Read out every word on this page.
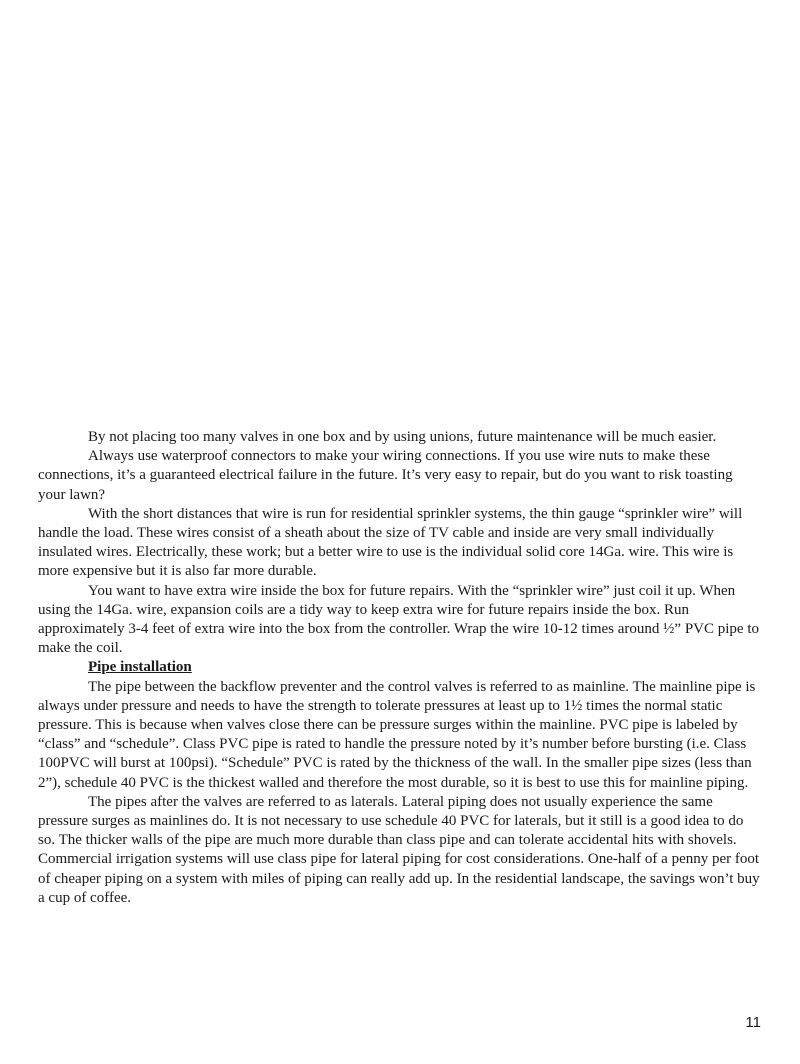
By not placing too many valves in one box and by using unions, future maintenance will be much easier.

Always use waterproof connectors to make your wiring connections. If you use wire nuts to make these connections, it’s a guaranteed electrical failure in the future. It’s very easy to repair, but do you want to risk toasting your lawn?

With the short distances that wire is run for residential sprinkler systems, the thin gauge “sprinkler wire” will handle the load. These wires consist of a sheath about the size of TV cable and inside are very small individually insulated wires. Electrically, these work; but a better wire to use is the individual solid core 14Ga. wire. This wire is more expensive but it is also far more durable.

You want to have extra wire inside the box for future repairs. With the “sprinkler wire” just coil it up. When using the 14Ga. wire, expansion coils are a tidy way to keep extra wire for future repairs inside the box. Run approximately 3-4 feet of extra wire into the box from the controller. Wrap the wire 10-12 times around ½” PVC pipe to make the coil.

Pipe installation

The pipe between the backflow preventer and the control valves is referred to as mainline. The mainline pipe is always under pressure and needs to have the strength to tolerate pressures at least up to 1½ times the normal static pressure. This is because when valves close there can be pressure surges within the mainline. PVC pipe is labeled by “class” and “schedule”. Class PVC pipe is rated to handle the pressure noted by it’s number before bursting (i.e. Class 100PVC will burst at 100psi). “Schedule” PVC is rated by the thickness of the wall. In the smaller pipe sizes (less than 2”), schedule 40 PVC is the thickest walled and therefore the most durable, so it is best to use this for mainline piping.

The pipes after the valves are referred to as laterals. Lateral piping does not usually experience the same pressure surges as mainlines do. It is not necessary to use schedule 40 PVC for laterals, but it still is a good idea to do so. The thicker walls of the pipe are much more durable than class pipe and can tolerate accidental hits with shovels. Commercial irrigation systems will use class pipe for lateral piping for cost considerations. One-half of a penny per foot of cheaper piping on a system with miles of piping can really add up. In the residential landscape, the savings won’t buy a cup of coffee.

11
